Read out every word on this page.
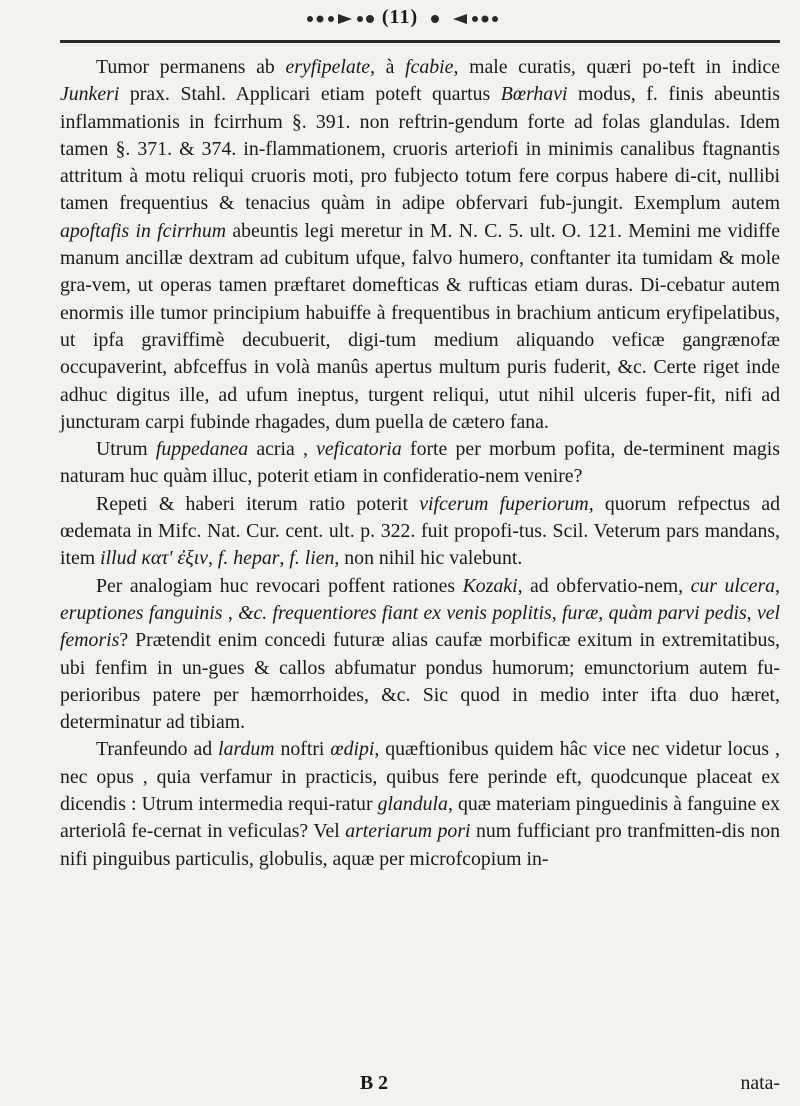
(11)

Tumor permanens ab eryfipelate, à fcabie, male curatis, quæri po-teft in indice Junkeri prax. Stahl. Applicari etiam poteft quartus Bœrhavi modus, f. finis abeuntis inflammationis in fcirrhum §. 391. non reftrin-gendum forte ad folas glandulas. Idem tamen §. 371. & 374. in-flammationem, cruoris arteriofi in minimis canalibus ftagnantis attritum à motu reliqui cruoris moti, pro fubjecto totum fere corpus habere di-cit, nullibi tamen frequentius & tenacius quàm in adipe obfervari fub-jungit. Exemplum autem apoftafis in fcirrhum abeuntis legi meretur in M. N. C. 5. ult. O. 121. Memini me vidiffe manum ancillæ dextram ad cubitum ufque, falvo humero, conftanter ita tumidam & mole gra-vem, ut operas tamen præftaret domefticas & rufticas etiam duras. Di-cebatur autem enormis ille tumor principium habuiffe à frequentibus in brachium anticum eryfipelatibus, ut ipfa graviffimè decubuerit, digi-tum medium aliquando veficæ gangrænofæ occupaverint, abfceffus in volà manûs apertus multum puris fuderit, &c. Certe riget inde adhuc digitus ille, ad ufum ineptus, turgent reliqui, utut nihil ulceris fuper-fit, nifi ad juncturam carpi fubinde rhagades, dum puella de cætero fana.

Utrum fuppedanea acria , veficatoria forte per morbum pofita, de-terminent magis naturam huc quàm illuc, poterit etiam in confideratio-nem venire?

Repeti & haberi iterum ratio poterit vifcerum fuperiorum, quorum refpectus ad œdemata in Mifc. Nat. Cur. cent. ult. p. 322. fuit propofi-tus. Scil. Veterum pars mandans, item illud κατ' ἐξιν, f. hepar, f. lien, non nihil hic valebunt.

Per analogiam huc revocari poffent rationes Kozaki, ad obfervatio-nem, cur ulcera, eruptiones fanguinis , &c. frequentiores fiant ex venis poplitis, furæ, quàm parvi pedis, vel femoris? Prætendit enim concedi futuræ alias caufæ morbificæ exitum in extremitatibus, ubi fenfim in un-gues & callos abfumatur pondus humorum; emunctorium autem fu-perioribus patere per hæmorrhoides, &c. Sic quod in medio inter ifta duo hæret, determinatur ad tibiam.

Tranfeundo ad lardum noftri œdipi, quæftionibus quidem hâc vice nec videtur locus , nec opus , quia verfamur in practicis, quibus fere perinde eft, quodcunque placeat ex dicendis : Utrum intermedia requi-ratur glandula, quæ materiam pinguedinis à fanguine ex arteriolâ fe-cernat in veficulas? Vel arteriarum pori num fufficiant pro tranfmitten-dis non nifi pinguibus particulis, globulis, aquæ per microfcopium in-

B 2	nata-
